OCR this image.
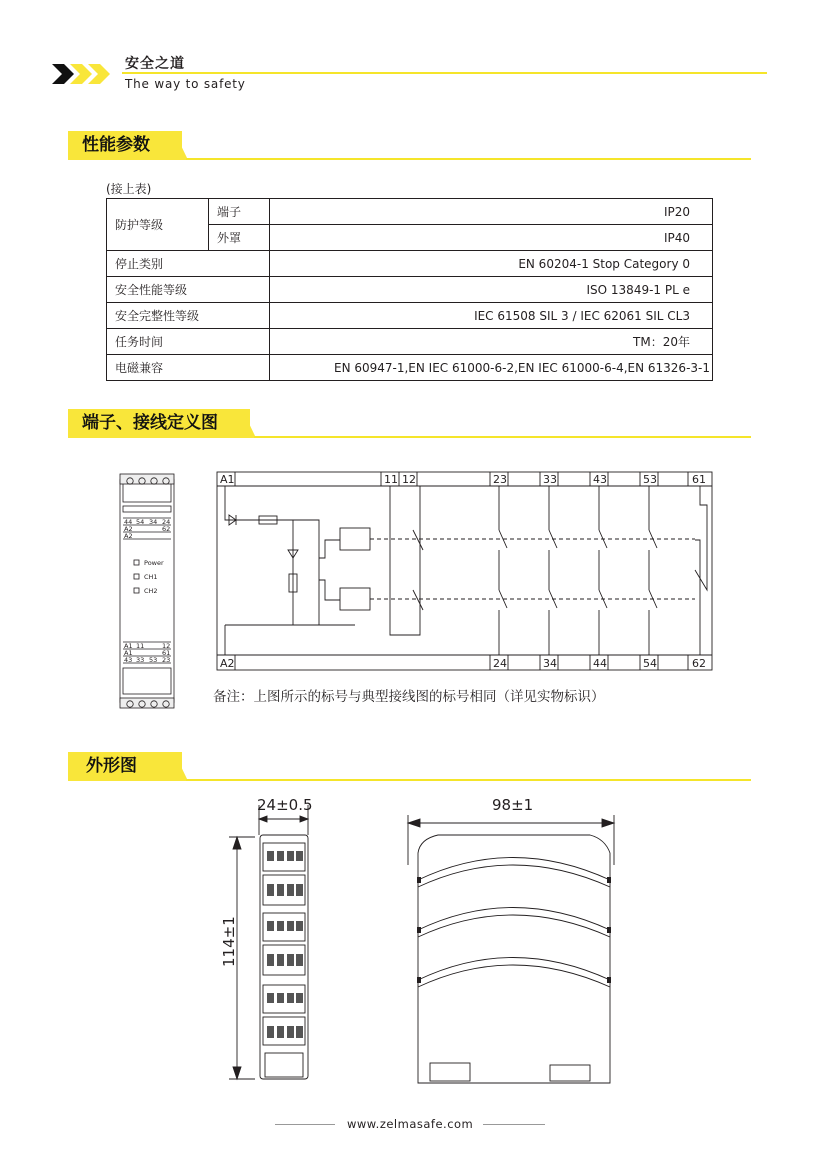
安全之道
The way to safety
性能参数
(接上表)
防护等级	端子	IP20
	外罩	IP40
停止类别		EN 60204-1 Stop Category 0
安全性能等级		ISO 13849-1 PL e
安全完整性等级		IEC 61508 SIL 3 / IEC 62061 SIL CL3
任务时间		TM：20年
电磁兼容		EN 60947-1,EN IEC 61000-6-2,EN IEC 61000-6-4,EN 61326-3-1
端子、接线定义图
44 54 34 24
A2	62
A2
Power
CH1
CH2
A1 11	12
A1	61
43 33 53 23
A1	11 12	23	33	43	53	61
A2	24	34	44	54	62
备注：上图所示的标号与典型接线图的标号相同（详见实物标识）
外形图
24±0.5
114±1
98±1
www.zelmasafe.com
